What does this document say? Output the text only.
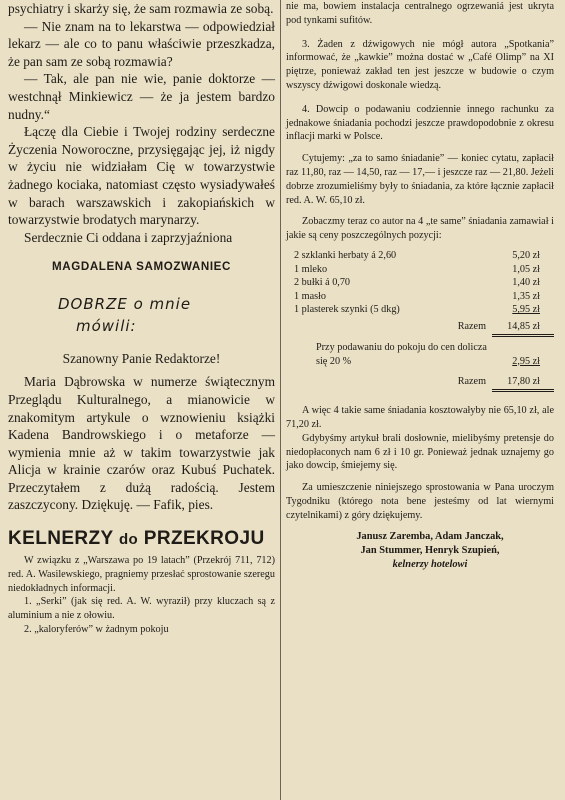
psychiatry i skarży się, że sam rozmawia ze sobą.

— Nie znam na to lekarstwa — odpowiedział lekarz — ale co to panu właściwie przeszkadza, że pan sam ze sobą rozmawia?

— Tak, ale pan nie wie, panie doktorze — westchnął Minkiewicz — że ja jestem bardzo nudny.“

Łączę dla Ciebie i Twojej rodziny serdeczne Życzenia Noworoczne, przysięgając jej, iż nigdy w życiu nie widziałam Cię w towarzystwie żadnego kociaka, natomiast często wysiadywałeś w barach warszawskich i zakopiańskich w towarzystwie brodatych marynarzy.

Serdecznie Ci oddana i zaprzyjaźniona

MAGDALENA SAMOZWANIEC

DOBRZE o mnie
mówili:

Szanowny Panie Redaktorze!

Maria Dąbrowska w numerze świątecznym Przeglądu Kulturalnego, a mianowicie w znakomitym artykule o wznowieniu książki Kadena Bandrowskiego i o metaforze — wymienia mnie aż w takim towarzystwie jak Alicja w krainie czarów oraz Kubuś Puchatek. Przeczytałem z dużą radością. Jestem zaszczycony. Dziękuję. — Fafik, pies.

KELNERZY do PRZEKROJU

W związku z „Warszawa po 19 latach” (Przekrój 711, 712) red. A. Wasilewskiego, pragniemy przesłać sprostowanie szeregu niedokładnych informacji.

1. „Serki” (jak się red. A. W. wyraził) przy kluczach są z aluminium a nie z ołowiu.

2. „kaloryferów” w żadnym pokoju

nie ma, bowiem instalacja centralnego ogrzewaniá jest ukryta pod tynkami sufitów.

3. Żaden z dźwigowych nie mógł autora „Spotkania” informować, że „kawkie” można dostać w „Café Olimp” na XI piętrze, ponieważ zakład ten jest jeszcze w budowie o czym wszyscy dźwigowi doskonale wiedzą.

4. Dowcip o podawaniu codziennie innego rachunku za jednakowe śniadania pochodzi jeszcze prawdopodobnie z okresu inflacji marki w Polsce.

Cytujemy: „za to samo śniadanie” — koniec cytatu, zapłacił raz 11,80, raz — 14,50, raz — 17,— i jeszcze raz — 21,80. Jeżeli dobrze zrozumieliśmy były to śniadania, za które łącznie zapłacił red. A. W. 65,10 zł.

Zobaczmy teraz co autor na 4 „te same” śniadania zamawiał i jakie są ceny poszczególnych pozycji:

2 szklanki herbaty á 2,60	5,20 zł
1 mleko	1,05 zł
2 bułki á 0,70	1,40 zł
1 masło	1,35 zł
1 plasterek szynki (5 dkg)	5,95 zł
Razem	14,85 zł
Przy podawaniu do pokoju do cen dolicza się 20 %	2,95 zł
Razem	17,80 zł

A więc 4 takie same śniadania kosztowałyby nie 65,10 zł, ale 71,20 zł.

Gdybyśmy artykuł brali dosłownie, mielibyśmy pretensje do niedopłaconych nam 6 zł i 10 gr. Ponieważ jednak uznajemy go jako dowcip, śmiejemy się.

Za umieszczenie niniejszego sprostowania w Pana uroczym Tygodniku (którego nota bene jesteśmy od lat wiernymi czytelnikami) z góry dziękujemy.

Janusz Zaremba, Adam Janczak,
Jan Stummer, Henryk Szupień,
kelnerzy hotelowi
